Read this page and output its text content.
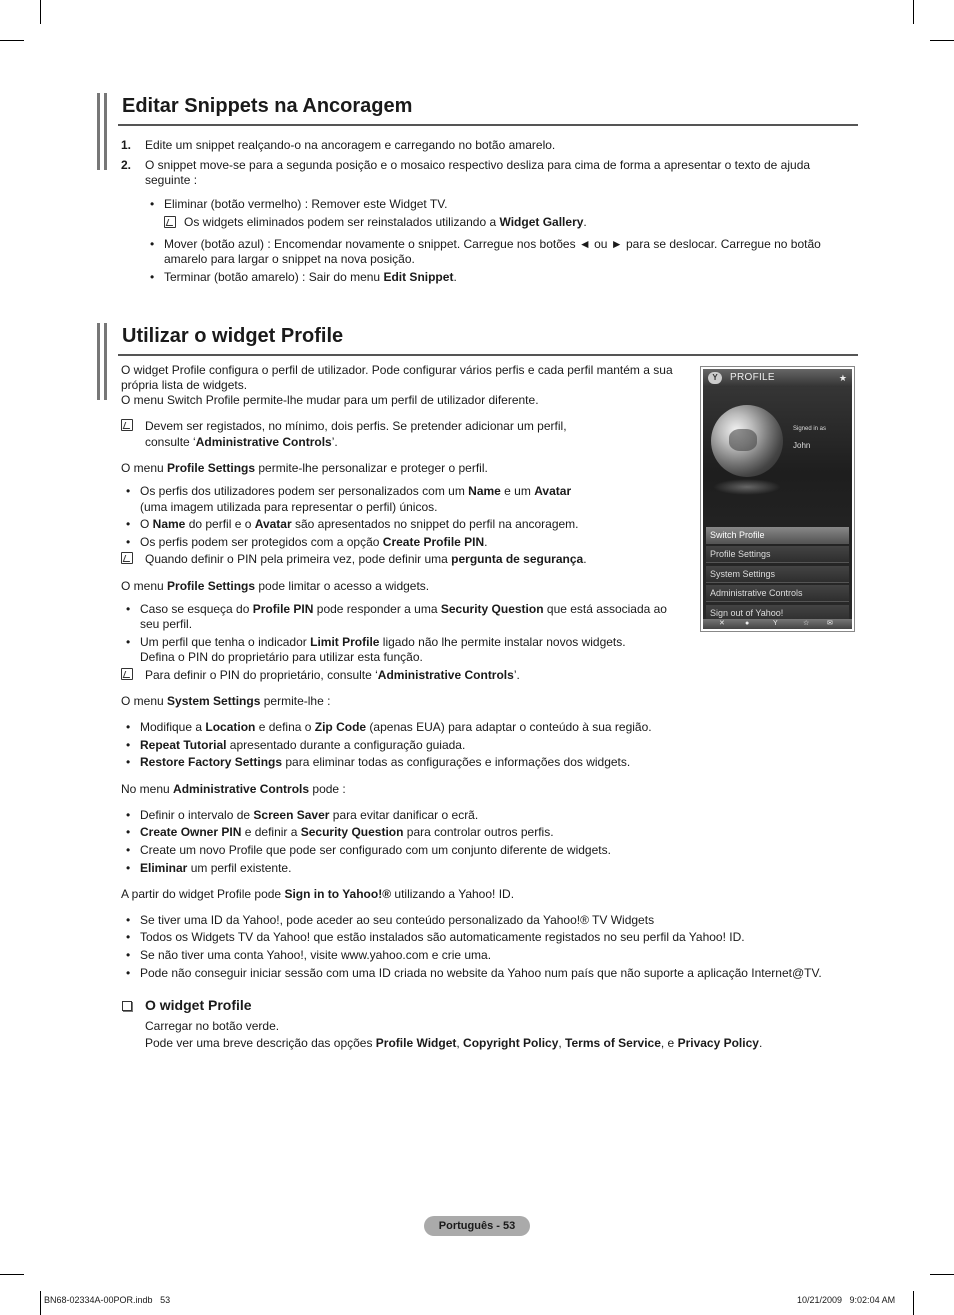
Editar Snippets na Ancoragem
1. Edite um snippet realçando-o na ancoragem e carregando no botão amarelo.
2. O snippet move-se para a segunda posição e o mosaico respectivo desliza para cima de forma a apresentar o texto de ajuda
seguinte :
• Eliminar (botão vermelho) : Remover este Widget TV.
Os widgets eliminados podem ser reinstalados utilizando a Widget Gallery.
• Mover (botão azul) : Encomendar novamente o snippet. Carregue nos botões ◄ ou ► para se deslocar. Carregue no botão
amarelo para largar o snippet na nova posição.
• Terminar (botão amarelo) : Sair do menu Edit Snippet.
Utilizar o widget Profile
O widget Profile configura o perfil de utilizador. Pode configurar vários perfis e cada perfil mantém a sua
própria lista de widgets.
O menu Switch Profile permite-lhe mudar para um perfil de utilizador diferente.
Devem ser registados, no mínimo, dois perfis. Se pretender adicionar um perfil,
consulte ‘Administrative Controls’.
O menu Profile Settings permite-lhe personalizar e proteger o perfil.
• Os perfis dos utilizadores podem ser personalizados com um Name e um Avatar
(uma imagem utilizada para representar o perfil) únicos.
• O Name do perfil e o Avatar são apresentados no snippet do perfil na ancoragem.
• Os perfis podem ser protegidos com a opção Create Profile PIN.
Quando definir o PIN pela primeira vez, pode definir uma pergunta de segurança.
O menu Profile Settings pode limitar o acesso a widgets.
• Caso se esqueça do Profile PIN pode responder a uma Security Question que está associada ao
seu perfil.
• Um perfil que tenha o indicador Limit Profile ligado não lhe permite instalar novos widgets.
Defina o PIN do proprietário para utilizar esta função.
Para definir o PIN do proprietário, consulte ‘Administrative Controls’.
O menu System Settings permite-lhe :
• Modifique a Location e defina o Zip Code (apenas EUA) para adaptar o conteúdo à sua região.
• Repeat Tutorial apresentado durante a configuração guiada.
• Restore Factory Settings para eliminar todas as configurações e informações dos widgets.
No menu Administrative Controls pode :
• Definir o intervalo de Screen Saver para evitar danificar o ecrã.
• Create Owner PIN e definir a Security Question para controlar outros perfis.
• Create um novo Profile que pode ser configurado com um conjunto diferente de widgets.
• Eliminar um perfil existente.
A partir do widget Profile pode Sign in to Yahoo!® utilizando a Yahoo! ID.
• Se tiver uma ID da Yahoo!, pode aceder ao seu conteúdo personalizado da Yahoo!® TV Widgets
• Todos os Widgets TV da Yahoo! que estão instalados são automaticamente registados no seu perfil da Yahoo! ID.
• Se não tiver uma conta Yahoo!, visite www.yahoo.com e crie uma.
• Pode não conseguir iniciar sessão com uma ID criada no website da Yahoo num país que não suporte a aplicação Internet@TV.
O widget Profile
Carregar no botão verde.
Pode ver uma breve descrição das opções Profile Widget, Copyright Policy, Terms of Service, e Privacy Policy.
Y	PROFILE	★
Signed in as
John
Switch Profile
Profile Settings
System Settings
Administrative Controls
Sign out of Yahoo!
✕	●	Y	☆	✉
Português - 53
BN68-02334A-00POR.indb   53	10/21/2009   9:02:04 AM
